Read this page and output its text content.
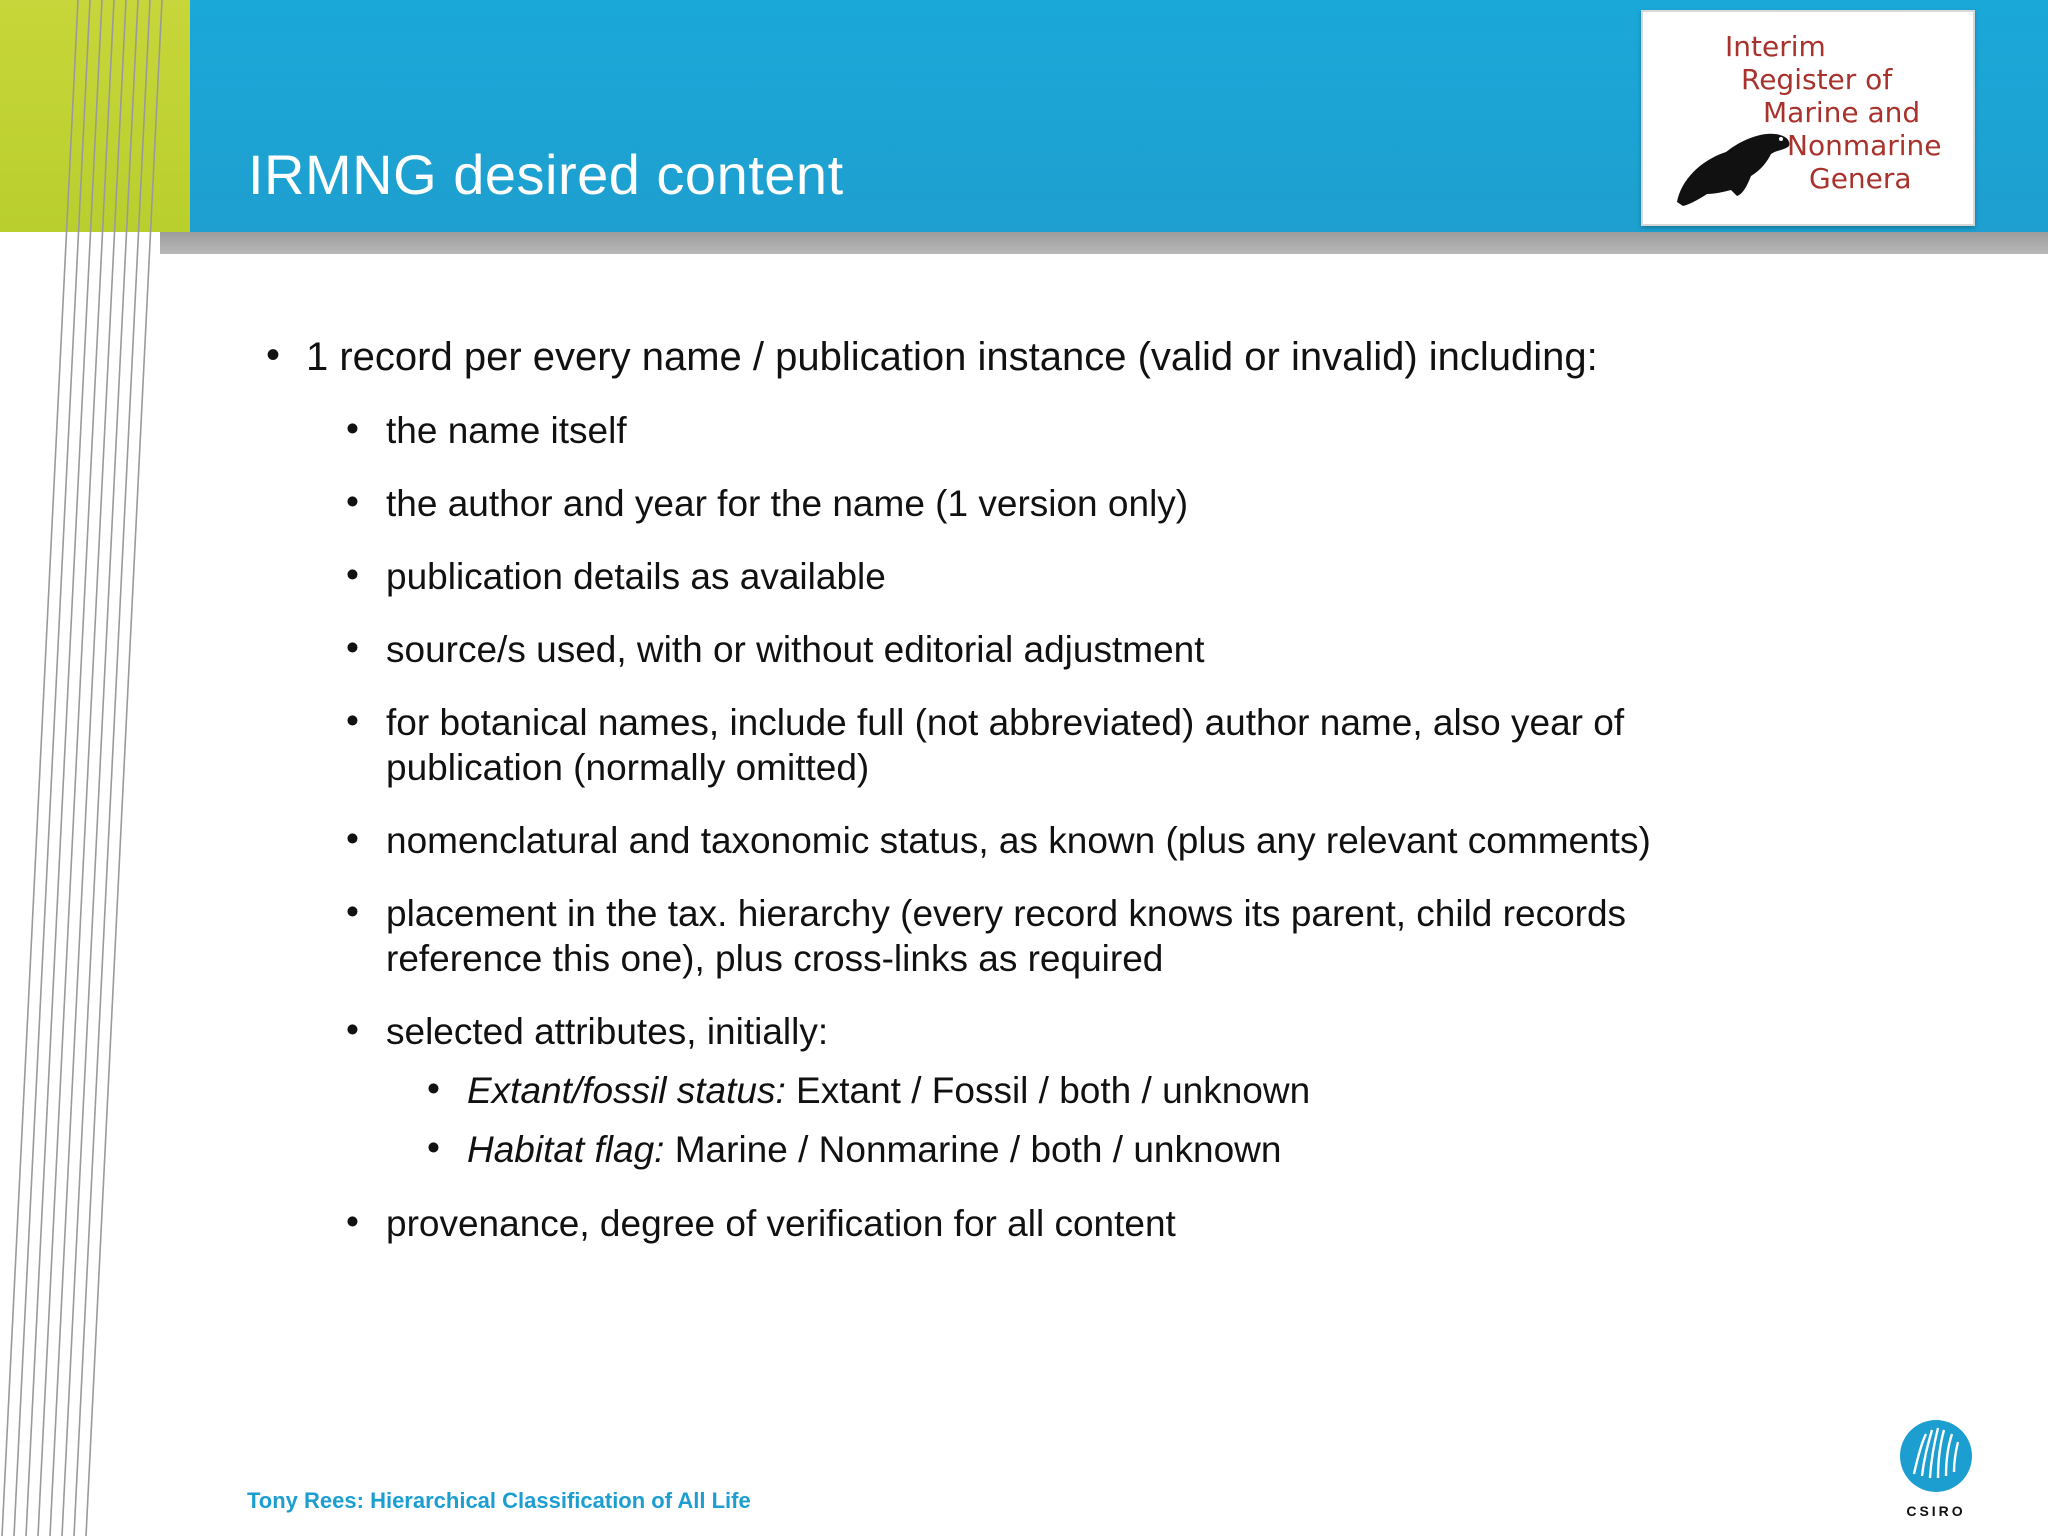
IRMNG desired content
Interim
Register of
Marine and
Nonmarine
Genera
• 1 record per every name / publication instance (valid or invalid) including:
• the name itself
• the author and year for the name (1 version only)
• publication details as available
• source/s used, with or without editorial adjustment
• for botanical names, include full (not abbreviated) author name, also year of
publication (normally omitted)
• nomenclatural and taxonomic status, as known (plus any relevant comments)
• placement in the tax. hierarchy (every record knows its parent, child records
reference this one), plus cross-links as required
• selected attributes, initially:
• Extant/fossil status: Extant / Fossil / both / unknown
• Habitat flag: Marine / Nonmarine / both / unknown
• provenance, degree of verification for all content
Tony Rees: Hierarchical Classification of All Life	CSIRO
